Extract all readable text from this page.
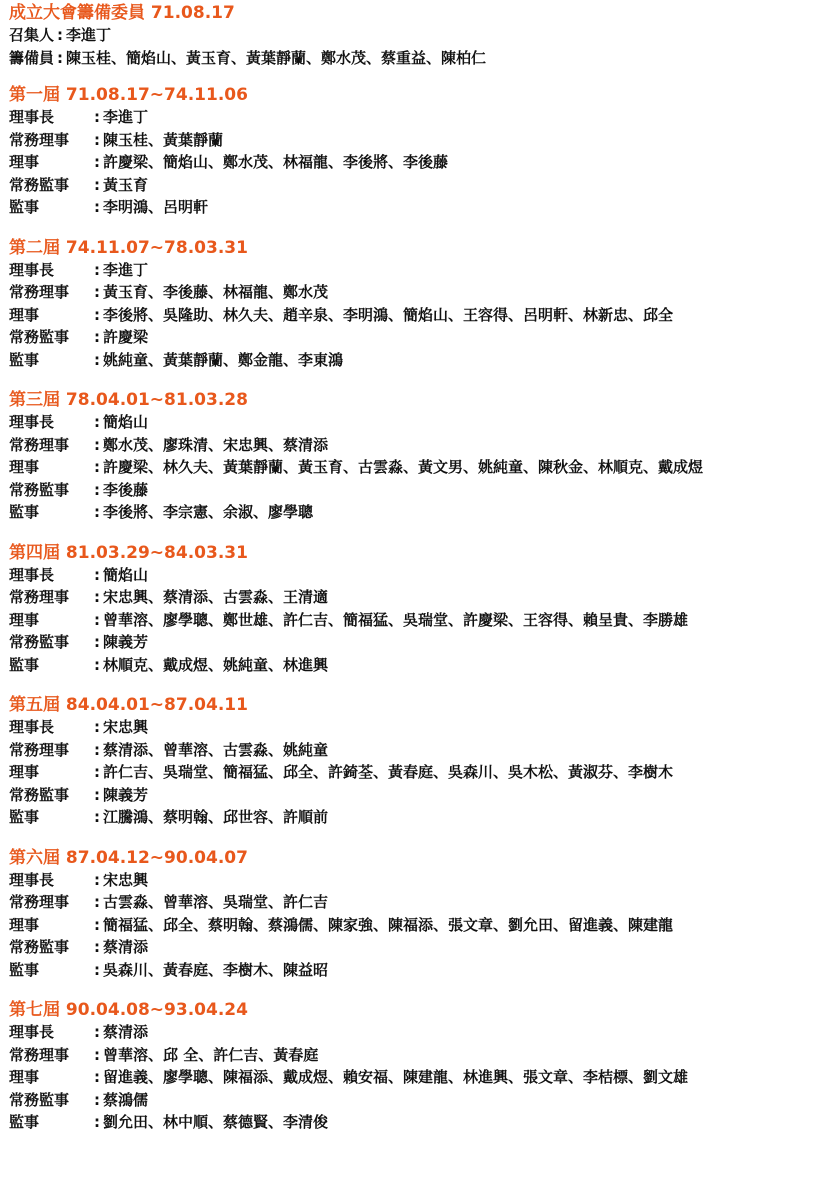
成立大會籌備委員 71.08.17
召集人 : 李進丁
籌備員 : 陳玉桂、簡焰山、黃玉育、黃葉靜蘭、鄭水茂、蔡重益、陳柏仁
第一屆 71.08.17~74.11.06
理事長	: 李進丁
常務理事	: 陳玉桂、黃葉靜蘭
理事	: 許慶梁、簡焰山、鄭水茂、林福龍、李後將、李後藤
常務監事	: 黃玉育
監事	: 李明鴻、呂明軒
第二屆 74.11.07~78.03.31
理事長	: 李進丁
常務理事	: 黃玉育、李後藤、林福龍、鄭水茂
理事	: 李後將、吳隆助、林久夫、趙辛泉、李明鴻、簡焰山、王容得、呂明軒、林新忠、邱全
常務監事	: 許慶梁
監事	: 姚純童、黃葉靜蘭、鄭金龍、李東鴻
第三屆 78.04.01~81.03.28
理事長	: 簡焰山
常務理事	: 鄭水茂、廖珠清、宋忠興、蔡清添
理事	: 許慶梁、林久夫、黃葉靜蘭、黃玉育、古雲淼、黃文男、姚純童、陳秋金、林順克、戴成煜
常務監事	: 李後藤
監事	: 李後將、李宗憲、余淑、廖學聰
第四屆 81.03.29~84.03.31
理事長	: 簡焰山
常務理事	: 宋忠興、蔡清添、古雲淼、王清適
理事	: 曾華溶、廖學聰、鄭世雄、許仁吉、簡福猛、吳瑞堂、許慶梁、王容得、賴呈貴、李勝雄
常務監事	: 陳義芳
監事	: 林順克、戴成煜、姚純童、林進興
第五屆 84.04.01~87.04.11
理事長	: 宋忠興
常務理事	: 蔡清添、曾華溶、古雲淼、姚純童
理事	: 許仁吉、吳瑞堂、簡福猛、邱全、許錡荃、黃春庭、吳森川、吳木松、黃淑芬、李樹木
常務監事	: 陳義芳
監事	: 江騰鴻、蔡明翰、邱世容、許順前
第六屆 87.04.12~90.04.07
理事長	: 宋忠興
常務理事	: 古雲淼、曾華溶、吳瑞堂、許仁吉
理事	: 簡福猛、邱全、蔡明翰、蔡鴻儒、陳家強、陳福添、張文章、劉允田、留進義、陳建龍
常務監事	: 蔡清添
監事	: 吳森川、黃春庭、李樹木、陳益昭
第七屆 90.04.08~93.04.24
理事長	: 蔡清添
常務理事	: 曾華溶、邱 全、許仁吉、黃春庭
理事	: 留進義、廖學聰、陳福添、戴成煜、賴安福、陳建龍、林進興、張文章、李桔標、劉文雄
常務監事	: 蔡鴻儒
監事	: 劉允田、林中順、蔡德賢、李清俊
